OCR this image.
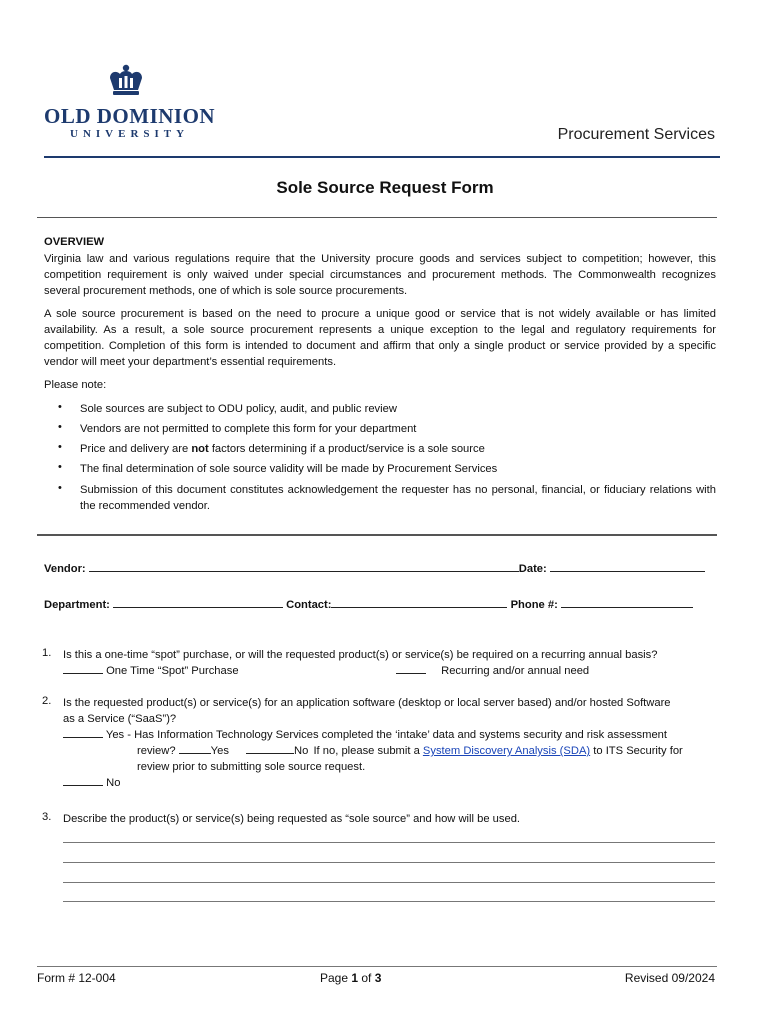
OLD DOMINION
UNIVERSITY	Procurement Services
Sole Source Request Form
OVERVIEW
Virginia law and various regulations require that the University procure goods and services subject to competition; however, this competition requirement is only waived under special circumstances and procurement methods. The Commonwealth recognizes several procurement methods, one of which is sole source procurements.
A sole source procurement is based on the need to procure a unique good or service that is not widely available or has limited availability. As a result, a sole source procurement represents a unique exception to the legal and regulatory requirements for competition. Completion of this form is intended to document and affirm that only a single product or service provided by a specific vendor will meet your department’s essential requirements.
Please note:
• Sole sources are subject to ODU policy, audit, and public review
• Vendors are not permitted to complete this form for your department
• Price and delivery are not factors determining if a product/service is a sole source
• The final determination of sole source validity will be made by Procurement Services
• Submission of this document constitutes acknowledgement the requester has no personal, financial, or fiduciary relations with the recommended vendor.
Vendor:	Date:
Department:	Contact:	Phone #:
1. Is this a one-time “spot” purchase, or will the requested product(s) or service(s) be required on a recurring annual basis?
One Time “Spot” Purchase	Recurring and/or annual need
2. Is the requested product(s) or service(s) for an application software (desktop or local server based) and/or hosted Software
as a Service (“SaaS”)?
Yes - Has Information Technology Services completed the ‘intake’ data and systems security and risk assessment
review?	Yes	No If no, please submit a System Discovery Analysis (SDA) to ITS Security for
review prior to submitting sole source request.
No
3. Describe the product(s) or service(s) being requested as “sole source” and how will be used.
Form # 12-004	Page 1 of 3	Revised 09/2024
